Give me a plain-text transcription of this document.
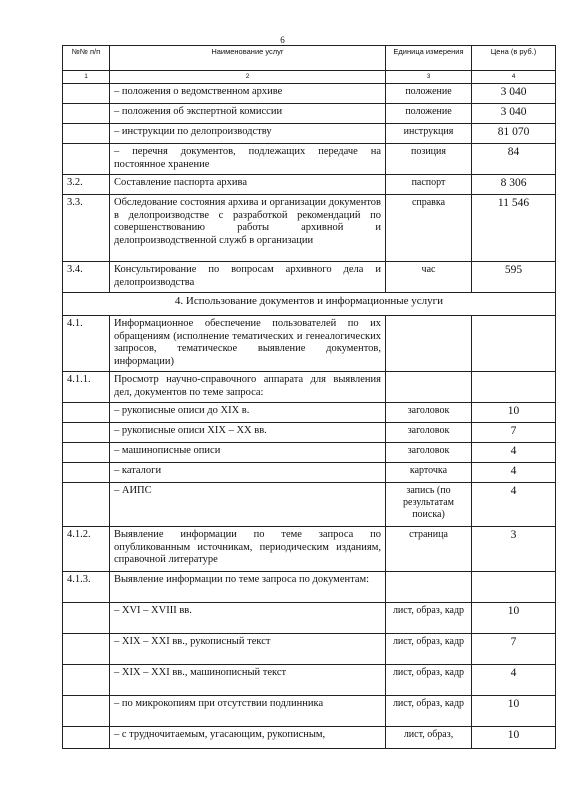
6
№№ п/п	Наименование услуг	Единица измерения	Цена (в руб.)
1	2	3	4
	– положения о ведомственном архиве	положение	3 040
	– положения об экспертной комиссии	положение	3 040
	– инструкции по делопроизводству	инструкция	81 070
	– перечня документов, подлежащих передаче на постоянное хранение	позиция	84
3.2.	Составление паспорта архива	паспорт	8 306
3.3.	Обследование состояния архива и организации документов в делопроизводстве с разработкой рекомендаций по совершенствованию работы архивной и делопроизводственной служб в организации	справка	11 546
3.4.	Консультирование по вопросам архивного дела и делопроизводства	час	595
4. Использование документов и информационные услуги			
4.1.	Информационное обеспечение пользователей по их обращениям (исполнение тематических и генеалогических запросов, тематическое выявление документов, информации)		
4.1.1.	Просмотр научно-справочного аппарата для выявления дел, документов по теме запроса:		
	– рукописные описи до XIX в.	заголовок	10
	– рукописные описи XIX – XX вв.	заголовок	7
	– машинописные описи	заголовок	4
	– каталоги	карточка	4
	– АИПС	запись (по результатам поиска)	4
4.1.2.	Выявление информации по теме запроса по опубликованным источникам, периодическим изданиям, справочной литературе	страница	3
4.1.3.	Выявление информации по теме запроса по документам:		
	– XVI – XVIII вв.	лист, образ, кадр	10
	– XIX – XXI вв., рукописный текст	лист, образ, кадр	7
	– XIX – XXI вв., машинописный текст	лист, образ, кадр	4
	– по микрокопиям при отсутствии подлинника	лист, образ, кадр	10
	– с трудночитаемым, угасающим, рукописным,	лист, образ,	10
